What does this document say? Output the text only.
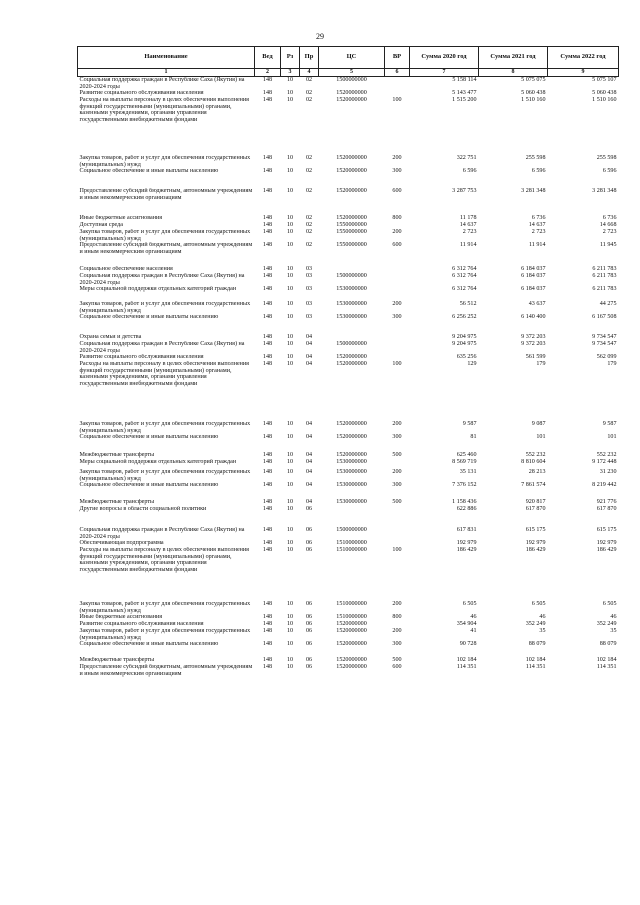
29
Наименование	Вед	Рз	Пр	ЦС	ВР	Сумма 2020 год	Сумма 2021 год	Сумма 2022 год
1	2	3	4	5	6	7	8	9
Социальная поддержка граждан в Республике Саха (Якутия) на 2020-2024 годы	148	10	02	1500000000		5 158 114	5 075 075	5 075 107
Развитие социального обслуживания населения	148	10	02	1520000000		5 143 477	5 060 438	5 060 438
Расходы на выплаты персоналу в целях обеспечения выполнения функций государственными (муниципальными) органами, казенными учреждениями, органами управления государственными внебюджетными фондами	148	10	02	1520000000	100	1 515 200	1 510 160	1 510 160
Закупка товаров, работ и услуг для обеспечения государственных (муниципальных) нужд	148	10	02	1520000000	200	322 751	255 598	255 598
Социальное обеспечение и иные выплаты населению	148	10	02	1520000000	300	6 596	6 596	6 596
Предоставление субсидий бюджетным, автономным учреждениям и иным некоммерческим организациям	148	10	02	1520000000	600	3 287 753	3 281 348	3 281 348
Иные бюджетные ассигнования	148	10	02	1520000000	800	11 178	6 736	6 736
Доступная среда	148	10	02	1550000000		14 637	14 637	14 668
Закупка товаров, работ и услуг для обеспечения государственных (муниципальных) нужд	148	10	02	1550000000	200	2 723	2 723	2 723
Предоставление субсидий бюджетным, автономным учреждениям и иным некоммерческим организациям	148	10	02	1550000000	600	11 914	11 914	11 945
Социальное обеспечение населения	148	10	03			6 312 764	6 184 037	6 211 783
Социальная поддержка граждан в Республике Саха (Якутия) на 2020-2024 годы	148	10	03	1500000000		6 312 764	6 184 037	6 211 783
Меры социальной поддержки отдельных категорий граждан	148	10	03	1530000000		6 312 764	6 184 037	6 211 783
Закупка товаров, работ и услуг для обеспечения государственных (муниципальных) нужд	148	10	03	1530000000	200	56 512	43 637	44 275
Социальное обеспечение и иные выплаты населению	148	10	03	1530000000	300	6 256 252	6 140 400	6 167 508
Охрана семьи и детства	148	10	04			9 204 975	9 372 203	9 734 547
Социальная поддержка граждан в Республике Саха (Якутия) на 2020-2024 годы	148	10	04	1500000000		9 204 975	9 372 203	9 734 547
Развитие социального обслуживания населения	148	10	04	1520000000		635 256	561 599	562 099
Расходы на выплаты персоналу в целях обеспечения выполнения функций государственными (муниципальными) органами, казенными учреждениями, органами управления государственными внебюджетными фондами	148	10	04	1520000000	100	129	179	179
Закупка товаров, работ и услуг для обеспечения государственных (муниципальных) нужд	148	10	04	1520000000	200	9 587	9 087	9 587
Социальное обеспечение и иные выплаты населению	148	10	04	1520000000	300	81	101	101
Межбюджетные трансферты	148	10	04	1520000000	500	625 460	552 232	552 232
Меры социальной поддержки отдельных категорий граждан	148	10	04	1530000000		8 569 719	8 810 604	9 172 448
Закупка товаров, работ и услуг для обеспечения государственных (муниципальных) нужд	148	10	04	1530000000	200	35 131	28 213	31 230
Социальное обеспечение и иные выплаты населению	148	10	04	1530000000	300	7 376 152	7 861 574	8 219 442
Межбюджетные трансферты	148	10	04	1530000000	500	1 158 436	920 817	921 776
Другие вопросы в области социальной политики	148	10	06			622 886	617 870	617 870
Социальная поддержка граждан в Республике Саха (Якутия) на 2020-2024 годы	148	10	06	1500000000		617 831	615 175	615 175
Обеспечивающая подпрограмма	148	10	06	1510000000		192 979	192 979	192 979
Расходы на выплаты персоналу в целях обеспечения выполнения функций государственными (муниципальными) органами, казенными учреждениями, органами управления государственными внебюджетными фондами	148	10	06	1510000000	100	186 429	186 429	186 429
Закупка товаров, работ и услуг для обеспечения государственных (муниципальных) нужд	148	10	06	1510000000	200	6 505	6 505	6 505
Иные бюджетные ассигнования	148	10	06	1510000000	800	46	46	46
Развитие социального обслуживания населения	148	10	06	1520000000		354 904	352 249	352 249
Закупка товаров, работ и услуг для обеспечения государственных (муниципальных) нужд	148	10	06	1520000000	200	41	35	35
Социальное обеспечение и иные выплаты населению	148	10	06	1520000000	300	90 728	88 079	88 079
Межбюджетные трансферты	148	10	06	1520000000	500	102 184	102 184	102 184
Предоставление субсидий бюджетным, автономным учреждениям и иным некоммерческим организациям	148	10	06	1520000000	600	114 351	114 351	114 351
